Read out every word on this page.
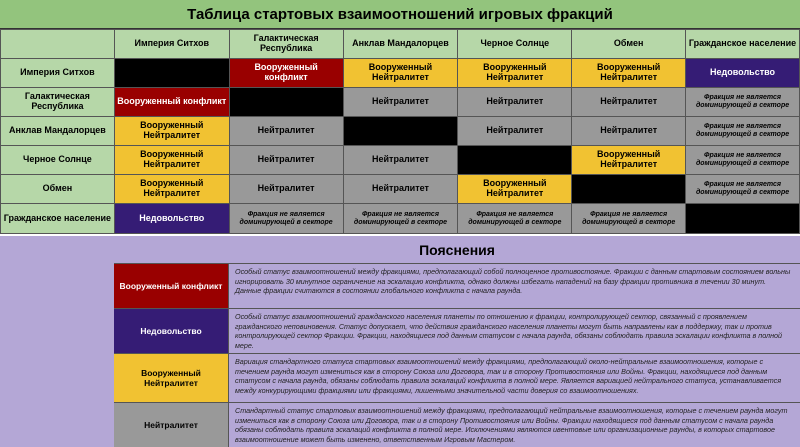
Таблица стартовых взаимоотношений игровых фракций
	Империя Ситхов	Галактическая Республика	Анклав Мандалорцев	Черное Солнце	Обмен	Гражданское население
Империя Ситхов		Вооруженный конфликт	Вооруженный Нейтралитет	Вооруженный Нейтралитет	Вооруженный Нейтралитет	Недовольство

Галактическая Республика	Вооруженный конфликт		Нейтралитет	Нейтралитет	Нейтралитет	Фракция не является доминирующей в секторе

Анклав Мандалорцев	Вооруженный Нейтралитет	Нейтралитет		Нейтралитет	Нейтралитет	Фракция не является доминирующей в секторе

Черное Солнце	Вооруженный Нейтралитет	Нейтралитет	Нейтралитет		Вооруженный Нейтралитет	Фракция не является доминирующей в секторе

Обмен	Вооруженный Нейтралитет	Нейтралитет	Нейтралитет	Вооруженный Нейтралитет		Фракция не является доминирующей в секторе

Гражданское население	Недовольство	Фракция не является доминирующей в секторе	Фракция не является доминирующей в секторе	Фракция не является доминирующей в секторе	Фракция не является доминирующей в секторе	

Пояснения
Вооруженный конфликт
Особый статус взаимоотношений между фракциями, предполагающий собой полноценное противостояние. Фракции с данным стартовым состоянием вольны игнорировать 30 минутное ограничение на эскалацию конфликта, однако должны избегать нападений на базу фракции противника в течении 30 минут. Данные фракции считаются в состоянии глобального конфликта с начала раунда.
Недовольство
Особый статус взаимоотношений гражданского населения планеты по отношению к фракции, контролирующей сектор, связанный с проявлением гражданского неповиновения. Статус допускает, что действия гражданского населения планеты могут быть направлены как в поддержку, так и против контролирующей сектор Фракции. Фракции, находящиеся под данным статусом с начала раунда, обязаны соблюдать правила эскалации конфликта в полной мере.
Вооруженный Нейтралитет
Вариация стандартного статуса стартовых взаимоотношений между фракциями, предполагающий около-нейтральные взаимоотношения, которые с течением раунда могут измениться как в сторону Союза или Договора, так и в сторону Противостояния или Войны. Фракции, находящиеся под данным статусом с начала раунда, обязаны соблюдать правила эскалаций конфликта в полной мере. Является вариацией нейтрального статуса, устанавливается между конкурирующими фракциями или фракциями, лишенными значительной части доверия со взаимоотношениях.
Нейтралитет
Стандартный статус стартовых взаимоотношений между фракциями, предполагающий нейтральные взаимоотношения, которые с течением раунда могут измениться как в сторону Союза или Договора, так и в сторону Противостояния или Войны. Фракции находящиеся под данным статусом с начала раунда обязаны соблюдать правила эскалаций конфликта в полной мере. Исключениями являются ивентовые или организационные раунды, в которых стартовое взаимоотношение может быть изменено, ответственным Игровым Мастером.
